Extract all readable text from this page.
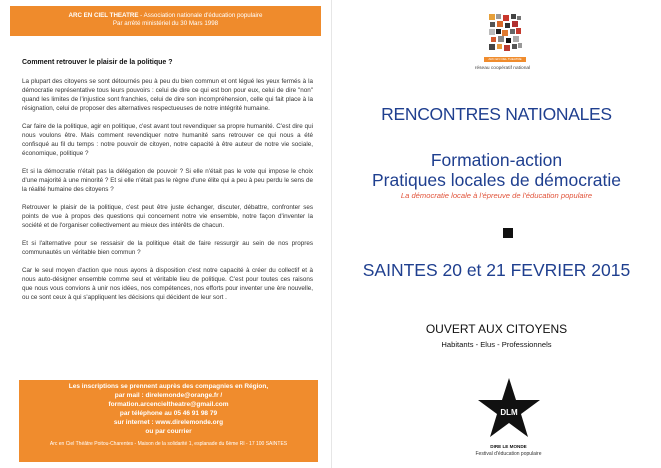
ARC EN CIEL THEATRE - Association nationale d'éducation populaire
Par arrêté ministériel du 30 Mars 1998
Comment retrouver le plaisir de la politique ?

La plupart des citoyens se sont détournés peu à peu du bien commun et ont légué les yeux fermés à la démocratie représentative tous leurs pouvoirs : celui de dire ce qui est bon pour eux, celui de dire "non" quand les limites de l'injustice sont franchies, celui de dire son incompréhension, celle qui fait place à la résignation, celui de proposer des alternatives respectueuses de notre intégrité humaine.

Car faire de la politique, agir en politique, c'est avant tout revendiquer sa propre humanité. C'est dire qui nous voulons être. Mais comment revendiquer notre humanité sans retrouver ce qui nous a été confisqué au fil du temps : notre pouvoir de citoyen, notre capacité à être auteur de notre vie sociale, économique, politique ?

Et si la démocratie n'était pas la délégation de pouvoir ? Si elle n'était pas le vote qui impose le choix d'une majorité à une minorité ? Et si elle n'était pas le règne d'une élite qui a peu à peu perdu le sens de la réalité humaine des citoyens ?

Retrouver le plaisir de la politique, c'est peut être juste échanger, discuter, débattre, confronter ses points de vue à propos des questions qui concernent notre vie ensemble, notre façon d'inventer la société et de l'organiser collectivement au mieux des intérêts de chacun.

Et si l'alternative pour se ressaisir de la politique était de faire ressurgir au sein de nos propres communautés un véritable bien commun ?

Car le seul moyen d'action que nous ayons à disposition c'est notre capacité à créer du collectif et à nous auto-désigner ensemble comme seul et véritable lieu de politique. C'est pour toutes ces raisons que nous vous convions à unir nos idées, nos compétences, nos efforts pour inventer une ère nouvelle, ou ce sont ceux à qui s'appliquent les décisions qui décident de leur sort .

Les inscriptions se prennent auprès des compagnies en Région,
par mail : direlemonde@orange.fr /
formation.arcencieltheatre@gmail.com
par téléphone au 05 46 91 98 79
sur internet : www.direlemonde.org
ou par courrier
Arc en Ciel Théâtre Poitou-Charentes - Maison de la solidarité 1, esplanade du 6ème RI - 17 100 SAINTES
ARC EN CIEL THEATRE
réseau coopératif national
RENCONTRES NATIONALES
Formation-action
Pratiques locales de démocratie
La démocratie locale à l'épreuve de l'éducation populaire
SAINTES 20 et 21 FEVRIER 2015
OUVERT AUX CITOYENS
Habitants - Elus - Professionnels
DLM
DIRE LE MONDE
Festival d'éducation populaire
